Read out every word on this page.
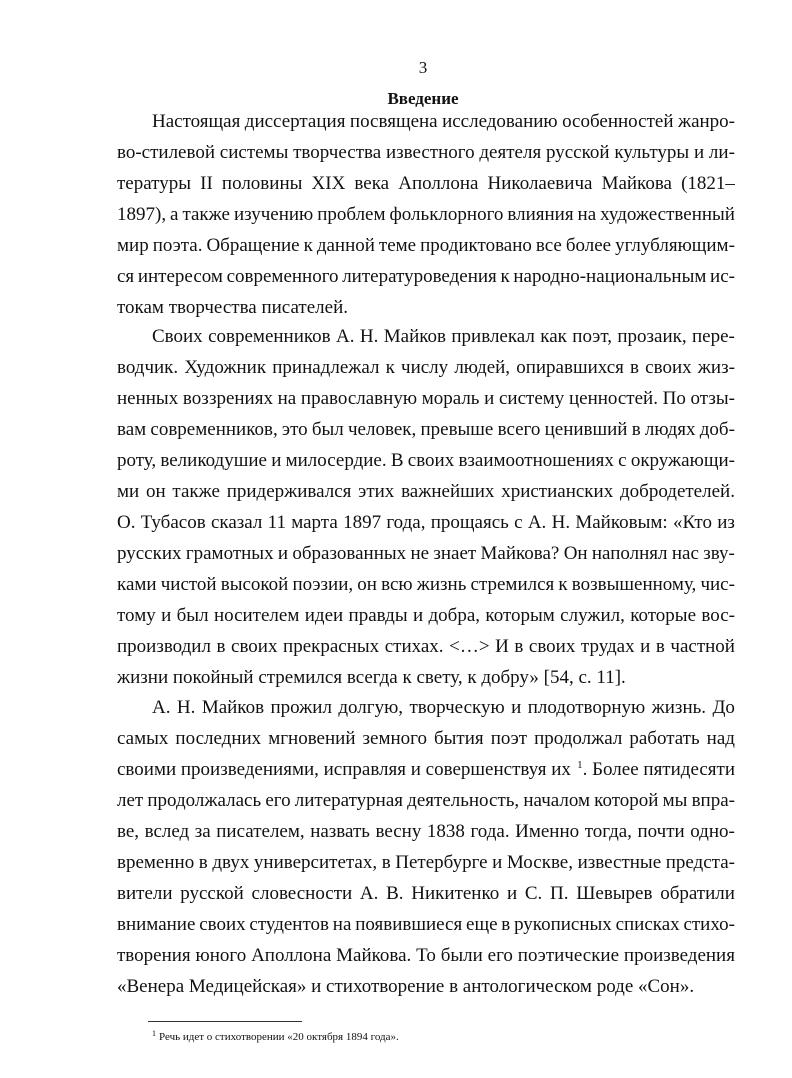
3
Введение
Настоящая диссертация посвящена исследованию особенностей жанро-
во-стилевой системы творчества известного деятеля русской культуры и ли-
тературы II половины XIX века Аполлона Николаевича Майкова (1821–
1897), а также изучению проблем фольклорного влияния на художественный
мир поэта. Обращение к данной теме продиктовано все более углубляющим-
ся интересом современного литературоведения к народно-национальным ис-
токам творчества писателей.
Своих современников А. Н. Майков привлекал как поэт, прозаик, пере-
водчик. Художник принадлежал к числу людей, опиравшихся в своих жиз-
ненных воззрениях на православную мораль и систему ценностей. По отзы-
вам современников, это был человек, превыше всего ценивший в людях доб-
роту, великодушие и милосердие. В своих взаимоотношениях с окружающи-
ми он также придерживался этих важнейших христианских добродетелей.
О. Тубасов сказал 11 марта 1897 года, прощаясь с А. Н. Майковым: «Кто из
русских грамотных и образованных не знает Майкова? Он наполнял нас зву-
ками чистой высокой поэзии, он всю жизнь стремился к возвышенному, чис-
тому и был носителем идеи правды и добра, которым служил, которые вос-
производил в своих прекрасных стихах. <…> И в своих трудах и в частной
жизни покойный стремился всегда к свету, к добру» [54, с. 11].
А. Н. Майков прожил долгую, творческую и плодотворную жизнь. До
самых последних мгновений земного бытия поэт продолжал работать над
своими произведениями, исправляя и совершенствуя их $^1$. Более пятидесяти
лет продолжалась его литературная деятельность, началом которой мы впра-
ве, вслед за писателем, назвать весну 1838 года. Именно тогда, почти одно-
временно в двух университетах, в Петербурге и Москве, известные предста-
вители русской словесности А. В. Никитенко и С. П. Шевырев обратили
внимание своих студентов на появившиеся еще в рукописных списках стихо-
творения юного Аполлона Майкова. То были его поэтические произведения
«Венера Медицейская» и стихотворение в антологическом роде «Сон».
$^1$ Речь идет о стихотворении «20 октября 1894 года».
